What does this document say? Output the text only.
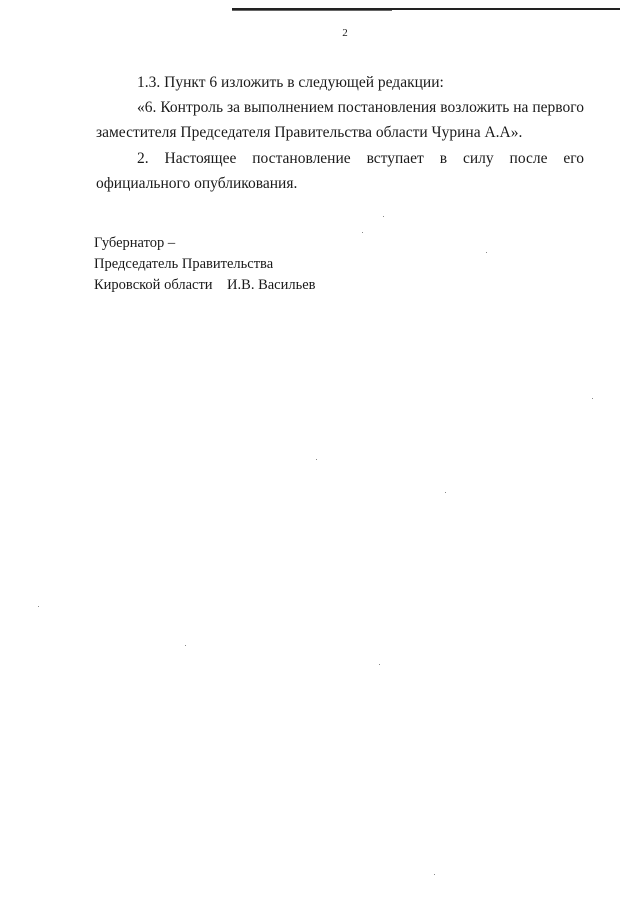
2

1.3. Пункт 6 изложить в следующей редакции:

«6. Контроль за выполнением постановления возложить на первого заместителя Председателя Правительства области Чурина А.А».

2. Настоящее постановление вступает в силу после его официального опубликования.

Губернатор –
Председатель Правительства
Кировской области И.В. Васильев
